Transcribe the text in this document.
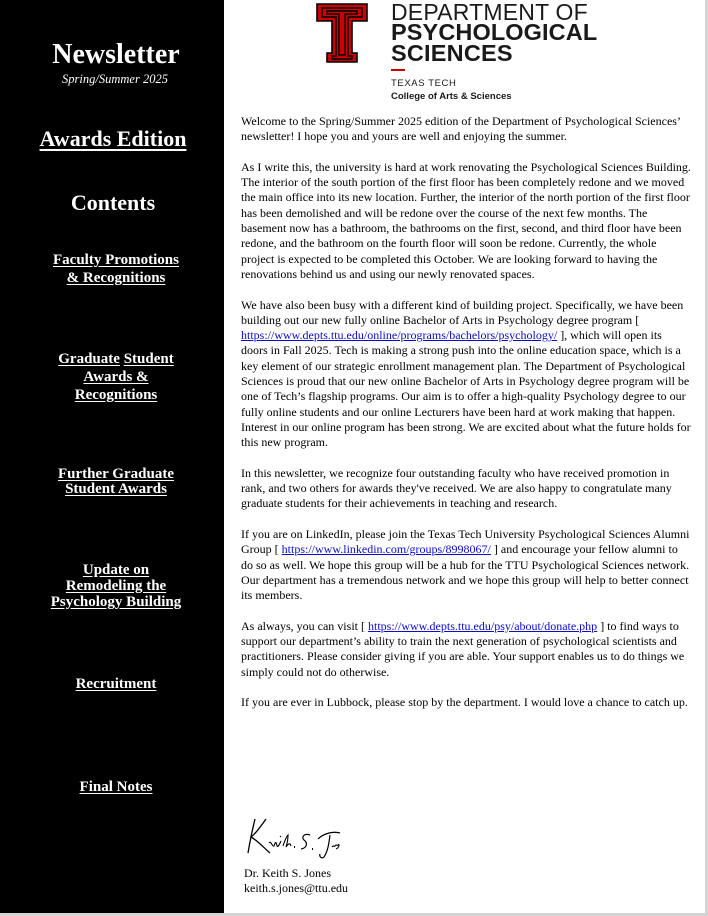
Newsletter
Spring/Summer 2025
Awards Edition
Contents
Faculty Promotions
& Recognitions
Graduate Student
Awards &
Recognitions
Further Graduate
Student Awards
Update on
Remodeling the
Psychology Building
Recruitment
Final Notes
DEPARTMENT OF
PSYCHOLOGICAL
SCIENCES
TEXAS TECH
College of Arts & Sciences

Welcome to the Spring/Summer 2025 edition of the Department of Psychological Sciences’ newsletter! I hope you and yours are well and enjoying the summer.

As I write this, the university is hard at work renovating the Psychological Sciences Building. The interior of the south portion of the first floor has been completely redone and we moved the main office into its new location. Further, the interior of the north portion of the first floor has been demolished and will be redone over the course of the next few months. The basement now has a bathroom, the bathrooms on the first, second, and third floor have been redone, and the bathroom on the fourth floor will soon be redone. Currently, the whole project is expected to be completed this October. We are looking forward to having the renovations behind us and using our newly renovated spaces.

We have also been busy with a different kind of building project. Specifically, we have been building out our new fully online Bachelor of Arts in Psychology degree program [ https://www.depts.ttu.edu/online/programs/bachelors/psychology/ ], which will open its doors in Fall 2025. Tech is making a strong push into the online education space, which is a key element of our strategic enrollment management plan. The Department of Psychological Sciences is proud that our new online Bachelor of Arts in Psychology degree program will be one of Tech’s flagship programs. Our aim is to offer a high-quality Psychology degree to our fully online students and our online Lecturers have been hard at work making that happen. Interest in our online program has been strong. We are excited about what the future holds for this new program.

In this newsletter, we recognize four outstanding faculty who have received promotion in rank, and two others for awards they've received. We are also happy to congratulate many graduate students for their achievements in teaching and research.

If you are on LinkedIn, please join the Texas Tech University Psychological Sciences Alumni Group [ https://www.linkedin.com/groups/8998067/ ] and encourage your fellow alumni to do so as well. We hope this group will be a hub for the TTU Psychological Sciences network. Our department has a tremendous network and we hope this group will help to better connect its members.

As always, you can visit [ https://www.depts.ttu.edu/psy/about/donate.php ] to find ways to support our department’s ability to train the next generation of psychological scientists and practitioners. Please consider giving if you are able. Your support enables us to do things we simply could not do otherwise.

If you are ever in Lubbock, please stop by the department. I would love a chance to catch up.

Dr. Keith S. Jones
keith.s.jones@ttu.edu
